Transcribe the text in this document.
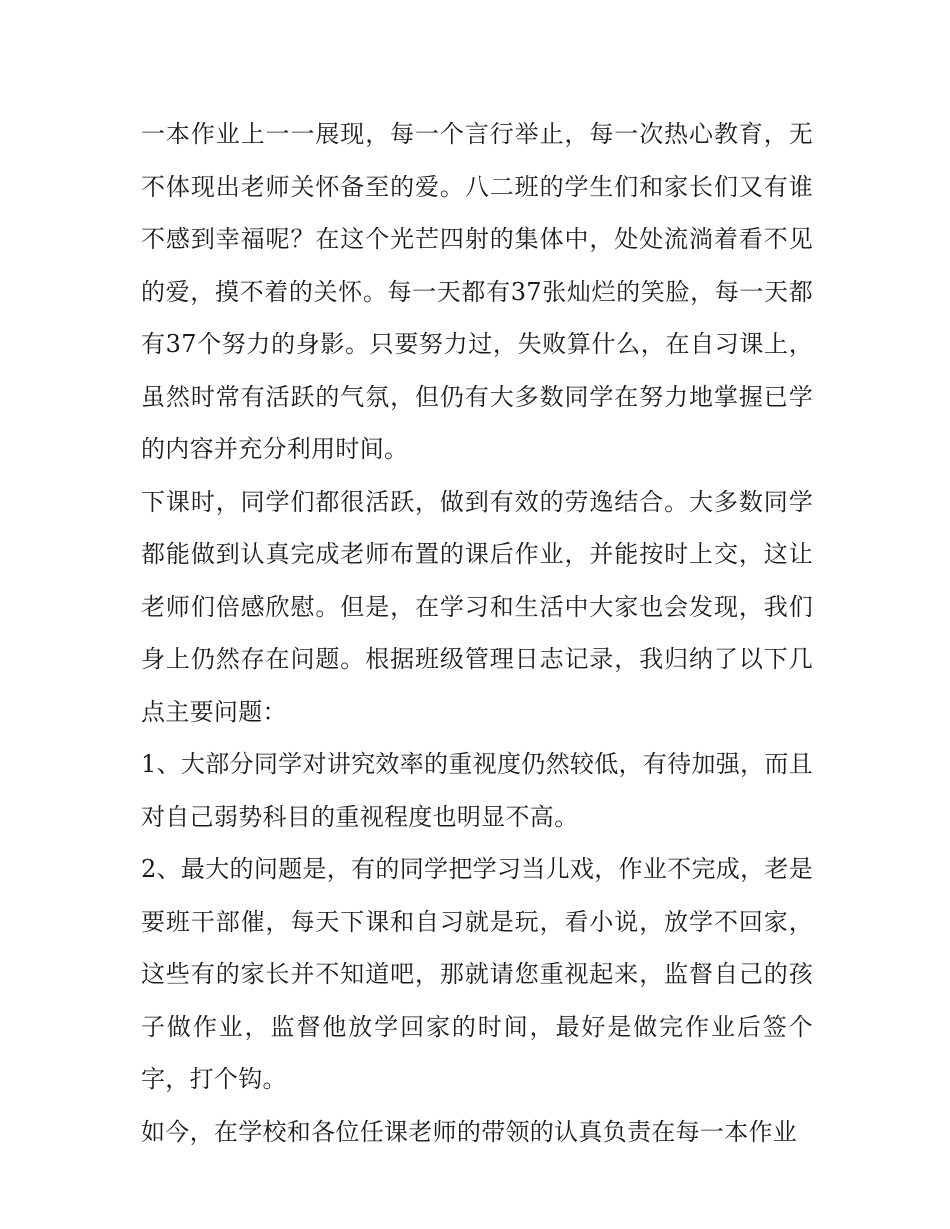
一本作业上一一展现，每一个言行举止，每一次热心教育，无不体现出老师关怀备至的爱。八二班的学生们和家长们又有谁不感到幸福呢？在这个光芒四射的集体中，处处流淌着看不见的爱，摸不着的关怀。每一天都有37张灿烂的笑脸，每一天都有37个努力的身影。只要努力过，失败算什么，在自习课上，虽然时常有活跃的气氛，但仍有大多数同学在努力地掌握已学的内容并充分利用时间。

下课时，同学们都很活跃，做到有效的劳逸结合。大多数同学都能做到认真完成老师布置的课后作业，并能按时上交，这让老师们倍感欣慰。但是，在学习和生活中大家也会发现，我们身上仍然存在问题。根据班级管理日志记录，我归纳了以下几点主要问题：

1、大部分同学对讲究效率的重视度仍然较低，有待加强，而且对自己弱势科目的重视程度也明显不高。

2、最大的问题是，有的同学把学习当儿戏，作业不完成，老是要班干部催，每天下课和自习就是玩，看小说，放学不回家，这些有的家长并不知道吧，那就请您重视起来，监督自己的孩子做作业，监督他放学回家的时间，最好是做完作业后签个字，打个钩。

如今，在学校和各位任课老师的带领的认真负责在每一本作业
